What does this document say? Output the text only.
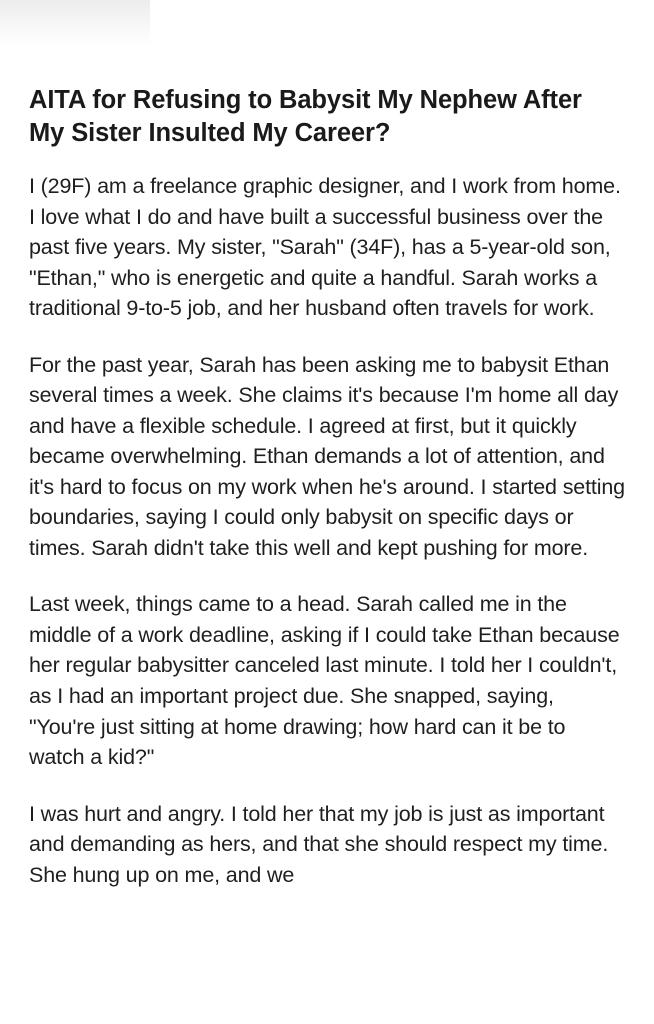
AITA for Refusing to Babysit My Nephew After My Sister Insulted My Career?

I (29F) am a freelance graphic designer, and I work from home. I love what I do and have built a successful business over the past five years. My sister, "Sarah" (34F), has a 5-year-old son, "Ethan," who is energetic and quite a handful. Sarah works a traditional 9-to-5 job, and her husband often travels for work.

For the past year, Sarah has been asking me to babysit Ethan several times a week. She claims it's because I'm home all day and have a flexible schedule. I agreed at first, but it quickly became overwhelming. Ethan demands a lot of attention, and it's hard to focus on my work when he's around. I started setting boundaries, saying I could only babysit on specific days or times. Sarah didn't take this well and kept pushing for more.

Last week, things came to a head. Sarah called me in the middle of a work deadline, asking if I could take Ethan because her regular babysitter canceled last minute. I told her I couldn't, as I had an important project due. She snapped, saying, "You're just sitting at home drawing; how hard can it be to watch a kid?"

I was hurt and angry. I told her that my job is just as important and demanding as hers, and that she should respect my time. She hung up on me, and we
